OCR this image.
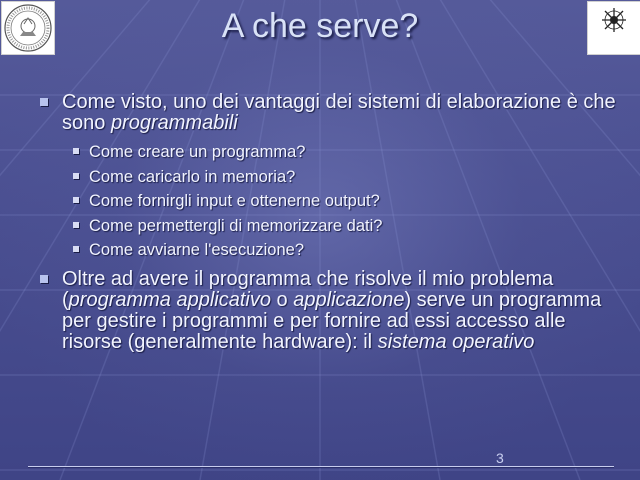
A che serve?
Come visto, uno dei vantaggi dei sistemi di elaborazione è che sono programmabili
Come creare un programma?
Come caricarlo in memoria?
Come fornirgli input e ottenerne output?
Come permettergli di memorizzare dati?
Come avviarne l'esecuzione?
Oltre ad avere il programma che risolve il mio problema (programma applicativo o applicazione) serve un programma per gestire i programmi e per fornire ad essi accesso alle risorse (generalmente hardware): il sistema operativo
3
